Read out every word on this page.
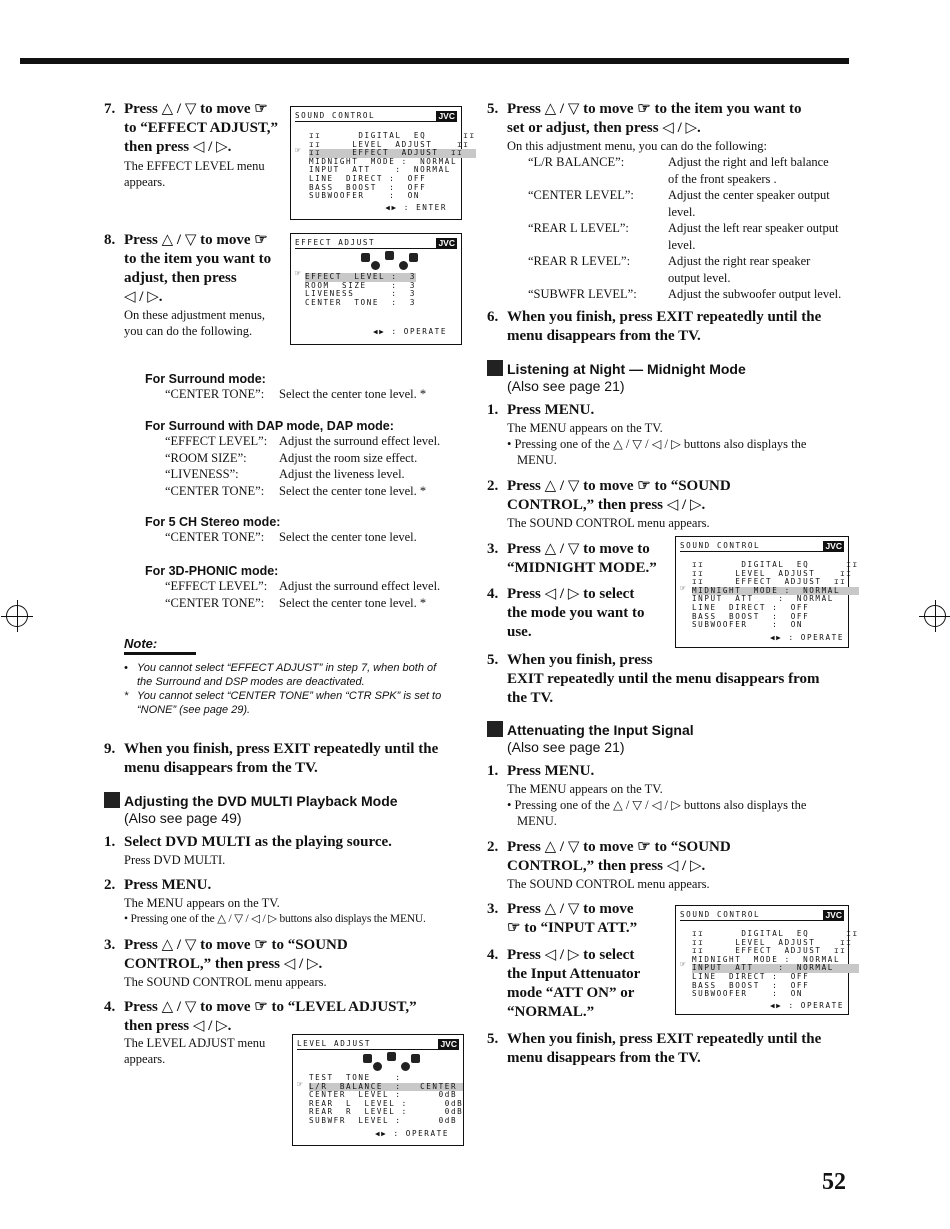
7. Press △ / ▽ to move ☞
to “EFFECT ADJUST,”
then press ◁ / ▷.
The EFFECT LEVEL menu
appears.
SOUND CONTROL	JVC
☞
ɪɪ      DIGITAL  EQ      ɪɪ
ɪɪ     LEVEL  ADJUST    ɪɪ
ɪɪ     EFFECT  ADJUST  ɪɪ
MIDNIGHT  MODE :  NORMAL
INPUT  ATT    :  NORMAL
LINE  DIRECT :  OFF
BASS  BOOST  :  OFF
SUBWOOFER    :  ON
◀▶ : ENTER
8. Press △ / ▽ to move ☞
to the item you want to
adjust, then press
◁ / ▷.
On these adjustment menus,
you can do the following.
EFFECT ADJUST	JVC
☞ EFFECT  LEVEL :  3
ROOM  SIZE    :  3
LIVENESS      :  3
CENTER  TONE  :  3
◀▶ : OPERATE
For Surround mode:
“CENTER TONE”:	Select the center tone level. *
For Surround with DAP mode, DAP mode:
“EFFECT LEVEL”: Adjust the surround effect level.
“ROOM SIZE”:	Adjust the room size effect.
“LIVENESS”:	Adjust the liveness level.
“CENTER TONE”:	Select the center tone level. *
For 5 CH Stereo mode:
“CENTER TONE”:	Select the center tone level.
For 3D-PHONIC mode:
“EFFECT LEVEL”: Adjust the surround effect level.
“CENTER TONE”:	Select the center tone level. *
Note:
• You cannot select “EFFECT ADJUST” in step 7, when both of
the Surround and DSP modes are deactivated.
* You cannot select “CENTER TONE” when “CTR SPK” is set to
“NONE” (see page 29).
9. When you finish, press EXIT repeatedly until the
menu disappears from the TV.
Adjusting the DVD MULTI Playback Mode
(Also see page 49)
1. Select DVD MULTI as the playing source.
Press DVD MULTI.
2. Press MENU.
The MENU appears on the TV.
• Pressing one of the △ / ▽ / ◁ / ▷ buttons also displays the MENU.
3. Press △ / ▽ to move ☞ to “SOUND
CONTROL,” then press ◁ / ▷.
The SOUND CONTROL menu appears.
4. Press △ / ▽ to move ☞ to “LEVEL ADJUST,”
then press ◁ / ▷.
The LEVEL ADJUST menu
appears.
LEVEL ADJUST	JVC
☞
TEST  TONE    :
L/R  BALANCE  :   CENTER
CENTER  LEVEL :      0dB
REAR  L  LEVEL :      0dB
REAR  R  LEVEL :      0dB
SUBWFR  LEVEL :      0dB
◀▶ : OPERATE
5. Press △ / ▽ to move ☞ to the item you want to
set or adjust, then press ◁ / ▷.
On this adjustment menu, you can do the following:
“L/R BALANCE”:	Adjust the right and left balance
of the front speakers .
“CENTER LEVEL”:	Adjust the center speaker output
level.
“REAR L LEVEL”:	Adjust the left rear speaker output
level.
“REAR R LEVEL”:	Adjust the right rear speaker
output level.
“SUBWFR LEVEL”:	Adjust the subwoofer output level.
6. When you finish, press EXIT repeatedly until the
menu disappears from the TV.
Listening at Night — Midnight Mode
(Also see page 21)
1. Press MENU.
The MENU appears on the TV.
• Pressing one of the △ / ▽ / ◁ / ▷ buttons also displays the
MENU.
2. Press △ / ▽ to move ☞ to “SOUND
CONTROL,” then press ◁ / ▷.
The SOUND CONTROL menu appears.
3. Press △ / ▽ to move to
“MIDNIGHT MODE.”
4. Press ◁ / ▷ to select
the mode you want to
use.
SOUND CONTROL	JVC
☞
ɪɪ      DIGITAL  EQ      ɪɪ
ɪɪ     LEVEL  ADJUST    ɪɪ
ɪɪ     EFFECT  ADJUST  ɪɪ
MIDNIGHT  MODE :  NORMAL
INPUT  ATT    :  NORMAL
LINE  DIRECT :  OFF
BASS  BOOST  :  OFF
SUBWOOFER    :  ON
◀▶ : OPERATE
5. When you finish, press
EXIT repeatedly until the menu disappears from
the TV.
Attenuating the Input Signal
(Also see page 21)
1. Press MENU.
The MENU appears on the TV.
• Pressing one of the △ / ▽ / ◁ / ▷ buttons also displays the
MENU.
2. Press △ / ▽ to move ☞ to “SOUND
CONTROL,” then press ◁ / ▷.
The SOUND CONTROL menu appears.
3. Press △ / ▽ to move
☞ to “INPUT ATT.”
4. Press ◁ / ▷ to select
the Input Attenuator
mode “ATT ON” or
“NORMAL.”
SOUND CONTROL	JVC
☞
ɪɪ      DIGITAL  EQ      ɪɪ
ɪɪ     LEVEL  ADJUST    ɪɪ
ɪɪ     EFFECT  ADJUST  ɪɪ
MIDNIGHT  MODE :  NORMAL
INPUT  ATT    :  NORMAL
LINE  DIRECT :  OFF
BASS  BOOST  :  OFF
SUBWOOFER    :  ON
◀▶ : OPERATE
5. When you finish, press EXIT repeatedly until the
menu disappears from the TV.
52
